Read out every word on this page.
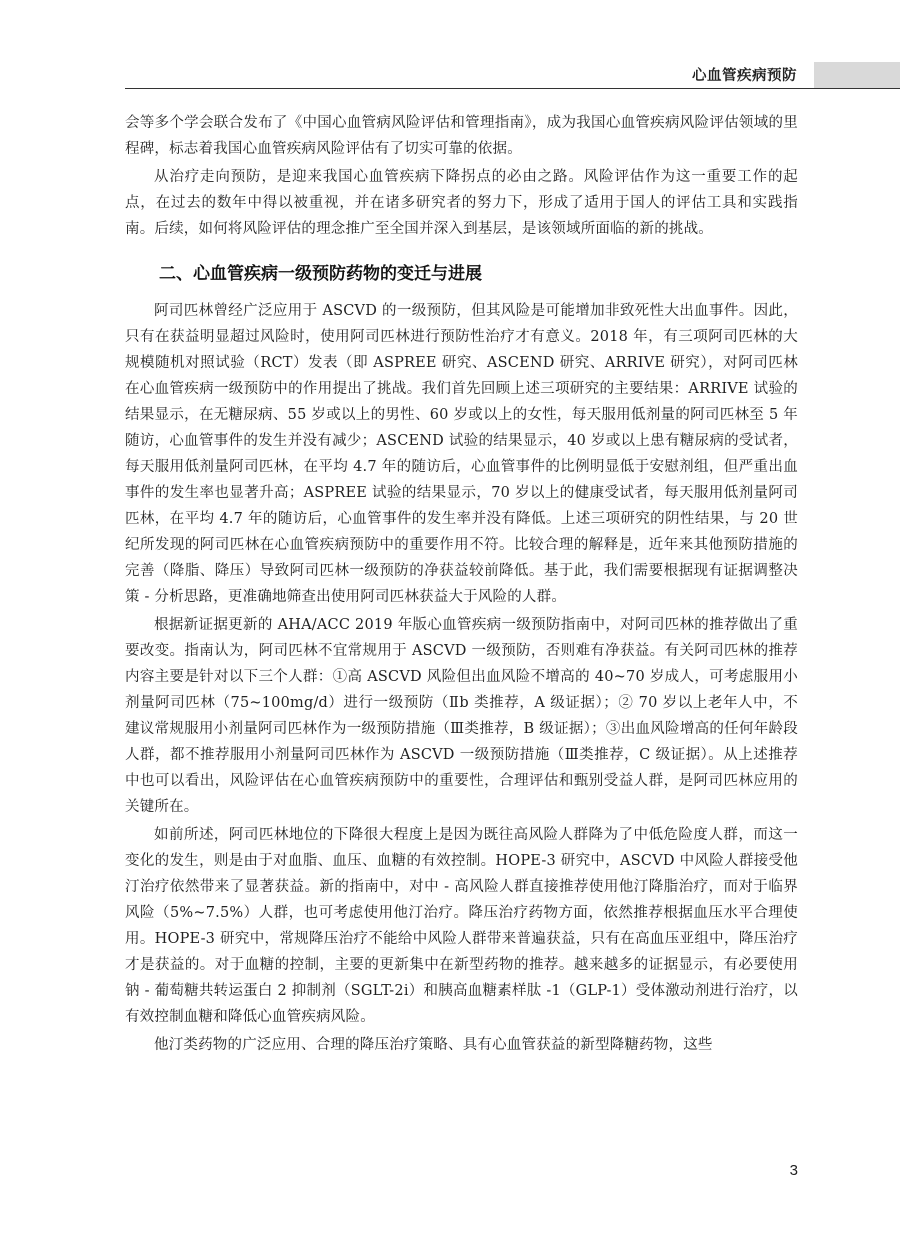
心血管疾病预防

会等多个学会联合发布了《中国心血管病风险评估和管理指南》，成为我国心血管疾病风险评估领域的里程碑，标志着我国心血管疾病风险评估有了切实可靠的依据。

从治疗走向预防，是迎来我国心血管疾病下降拐点的必由之路。风险评估作为这一重要工作的起点，在过去的数年中得以被重视，并在诸多研究者的努力下，形成了适用于国人的评估工具和实践指南。后续，如何将风险评估的理念推广至全国并深入到基层，是该领域所面临的新的挑战。

二、心血管疾病一级预防药物的变迁与进展

阿司匹林曾经广泛应用于 ASCVD 的一级预防，但其风险是可能增加非致死性大出血事件。因此，只有在获益明显超过风险时，使用阿司匹林进行预防性治疗才有意义。2018 年，有三项阿司匹林的大规模随机对照试验（RCT）发表（即 ASPREE 研究、ASCEND 研究、ARRIVE 研究），对阿司匹林在心血管疾病一级预防中的作用提出了挑战。我们首先回顾上述三项研究的主要结果：ARRIVE 试验的结果显示，在无糖尿病、55 岁或以上的男性、60 岁或以上的女性，每天服用低剂量的阿司匹林至 5 年随访，心血管事件的发生并没有减少；ASCEND 试验的结果显示，40 岁或以上患有糖尿病的受试者，每天服用低剂量阿司匹林，在平均 4.7 年的随访后，心血管事件的比例明显低于安慰剂组，但严重出血事件的发生率也显著升高；ASPREE 试验的结果显示，70 岁以上的健康受试者，每天服用低剂量阿司匹林，在平均 4.7 年的随访后，心血管事件的发生率并没有降低。上述三项研究的阴性结果，与 20 世纪所发现的阿司匹林在心血管疾病预防中的重要作用不符。比较合理的解释是，近年来其他预防措施的完善（降脂、降压）导致阿司匹林一级预防的净获益较前降低。基于此，我们需要根据现有证据调整决策 - 分析思路，更准确地筛查出使用阿司匹林获益大于风险的人群。

根据新证据更新的 AHA/ACC 2019 年版心血管疾病一级预防指南中，对阿司匹林的推荐做出了重要改变。指南认为，阿司匹林不宜常规用于 ASCVD 一级预防，否则难有净获益。有关阿司匹林的推荐内容主要是针对以下三个人群：①高 ASCVD 风险但出血风险不增高的 40~70 岁成人，可考虑服用小剂量阿司匹林（75~100mg/d）进行一级预防（Ⅱb 类推荐，A 级证据）；② 70 岁以上老年人中，不建议常规服用小剂量阿司匹林作为一级预防措施（Ⅲ类推荐，B 级证据）；③出血风险增高的任何年龄段人群，都不推荐服用小剂量阿司匹林作为 ASCVD 一级预防措施（Ⅲ类推荐，C 级证据）。从上述推荐中也可以看出，风险评估在心血管疾病预防中的重要性，合理评估和甄别受益人群，是阿司匹林应用的关键所在。

如前所述，阿司匹林地位的下降很大程度上是因为既往高风险人群降为了中低危险度人群，而这一变化的发生，则是由于对血脂、血压、血糖的有效控制。HOPE-3 研究中，ASCVD 中风险人群接受他汀治疗依然带来了显著获益。新的指南中，对中 - 高风险人群直接推荐使用他汀降脂治疗，而对于临界风险（5%~7.5%）人群，也可考虑使用他汀治疗。降压治疗药物方面，依然推荐根据血压水平合理使用。HOPE-3 研究中，常规降压治疗不能给中风险人群带来普遍获益，只有在高血压亚组中，降压治疗才是获益的。对于血糖的控制，主要的更新集中在新型药物的推荐。越来越多的证据显示，有必要使用钠 - 葡萄糖共转运蛋白 2 抑制剂（SGLT-2i）和胰高血糖素样肽 -1（GLP-1）受体激动剂进行治疗，以有效控制血糖和降低心血管疾病风险。

他汀类药物的广泛应用、合理的降压治疗策略、具有心血管获益的新型降糖药物，这些

3
